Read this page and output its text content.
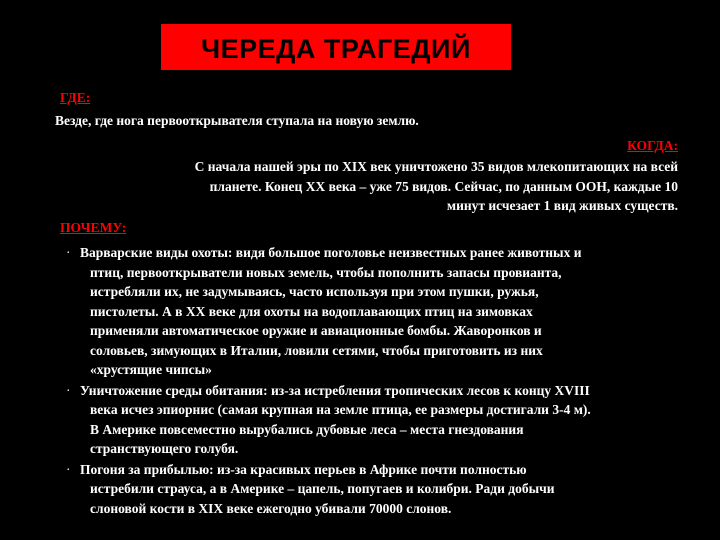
ЧЕРЕДА ТРАГЕДИЙ
ГДЕ:
Везде, где нога первооткрывателя ступала на новую землю.
КОГДА:
С начала нашей эры по XIX век уничтожено 35 видов млекопитающих на всей
планете. Конец XX века – уже 75 видов. Сейчас, по данным ООН, каждые 10
минут исчезает 1 вид живых существ.
ПОЧЕМУ:
· Варварские виды охоты: видя большое поголовье неизвестных ранее животных и
птиц, первооткрыватели новых земель, чтобы пополнить запасы провианта,
истребляли их, не задумываясь, часто используя при этом пушки, ружья,
пистолеты. А в XX веке для охоты на водоплавающих птиц на зимовках
применяли автоматическое оружие и авиационные бомбы. Жаворонков и
соловьев, зимующих в Италии, ловили сетями, чтобы приготовить из них
«хрустящие чипсы»
· Уничтожение среды обитания: из-за истребления тропических лесов к концу XVIII
века исчез эпиорнис (самая крупная на земле птица, ее размеры достигали 3-4 м).
В Америке повсеместно вырубались дубовые леса – места гнездования
странствующего голубя.
· Погоня за прибылью: из-за красивых перьев в Африке почти полностью
истребили страуса, а в Америке – цапель, попугаев и колибри. Ради добычи
слоновой кости в XIX веке ежегодно убивали 70000 слонов.
